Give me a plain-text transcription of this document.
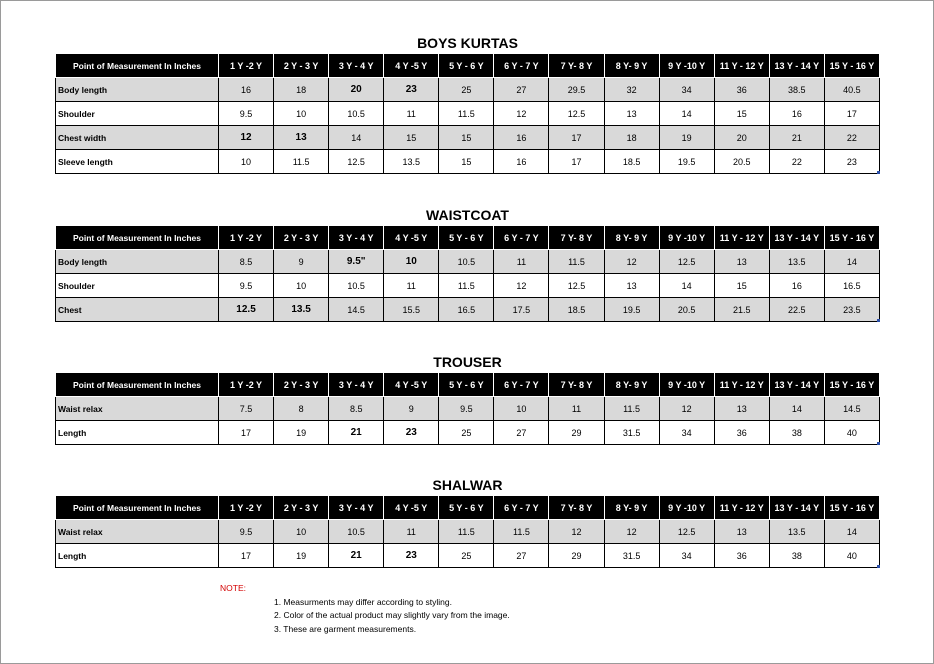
BOYS KURTAS
Point of Measurement In Inches	1 Y -2 Y	2 Y - 3 Y	3 Y - 4 Y	4 Y -5 Y	5 Y - 6 Y	6 Y - 7 Y	7 Y- 8 Y	8 Y- 9 Y	9 Y -10 Y	11 Y - 12 Y	13 Y - 14 Y	15 Y - 16 Y
Body length	16	18	20	23	25	27	29.5	32	34	36	38.5	40.5
Shoulder	9.5	10	10.5	11	11.5	12	12.5	13	14	15	16	17
Chest width	12	13	14	15	15	16	17	18	19	20	21	22
Sleeve length	10	11.5	12.5	13.5	15	16	17	18.5	19.5	20.5	22	23
WAISTCOAT
Point of Measurement In Inches	1 Y -2 Y	2 Y - 3 Y	3 Y - 4 Y	4 Y -5 Y	5 Y - 6 Y	6 Y - 7 Y	7 Y- 8 Y	8 Y- 9 Y	9 Y -10 Y	11 Y - 12 Y	13 Y - 14 Y	15 Y - 16 Y
Body length	8.5	9	9.5"	10	10.5	11	11.5	12	12.5	13	13.5	14
Shoulder	9.5	10	10.5	11	11.5	12	12.5	13	14	15	16	16.5
Chest	12.5	13.5	14.5	15.5	16.5	17.5	18.5	19.5	20.5	21.5	22.5	23.5
TROUSER
Point of Measurement In Inches	1 Y -2 Y	2 Y - 3 Y	3 Y - 4 Y	4 Y -5 Y	5 Y - 6 Y	6 Y - 7 Y	7 Y- 8 Y	8 Y- 9 Y	9 Y -10 Y	11 Y - 12 Y	13 Y - 14 Y	15 Y - 16 Y
Waist relax	7.5	8	8.5	9	9.5	10	11	11.5	12	13	14	14.5
Length	17	19	21	23	25	27	29	31.5	34	36	38	40
SHALWAR
Point of Measurement In Inches	1 Y -2 Y	2 Y - 3 Y	3 Y - 4 Y	4 Y -5 Y	5 Y - 6 Y	6 Y - 7 Y	7 Y- 8 Y	8 Y- 9 Y	9 Y -10 Y	11 Y - 12 Y	13 Y - 14 Y	15 Y - 16 Y
Waist relax	9.5	10	10.5	11	11.5	11.5	12	12	12.5	13	13.5	14
Length	17	19	21	23	25	27	29	31.5	34	36	38	40
NOTE:
1. Measurments may differ according to styling.
2. Color of the actual product may slightly vary from the image.
3. These are garment measurements.
